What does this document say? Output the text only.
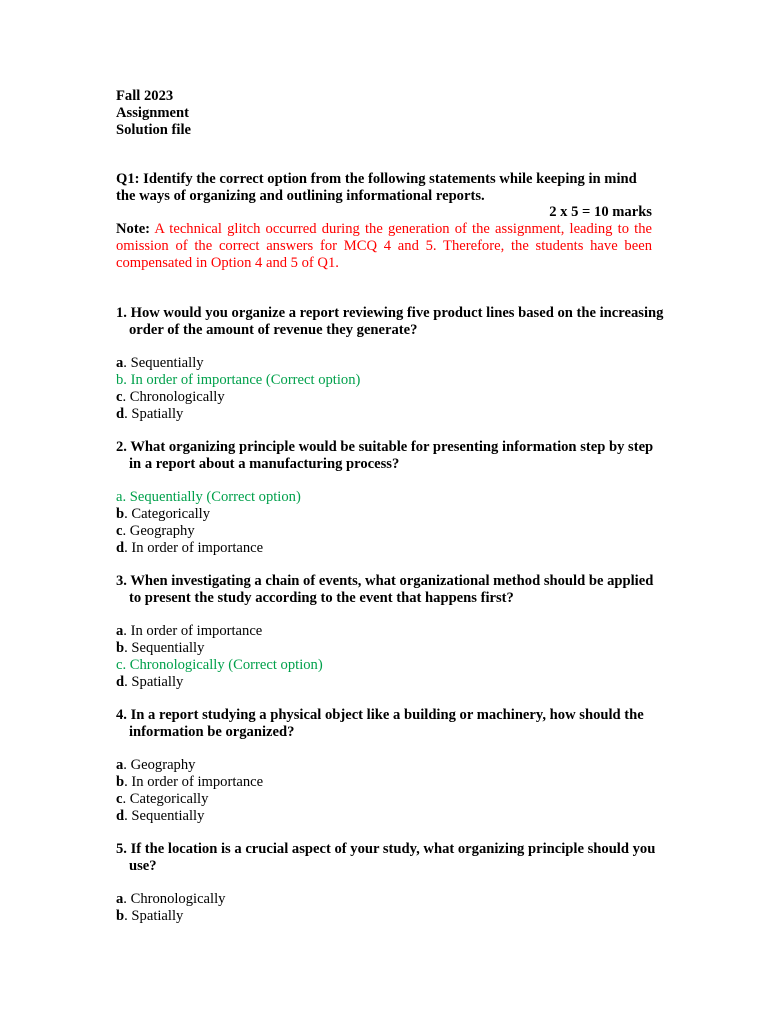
Fall 2023
Assignment
Solution file
Q1: Identify the correct option from the following statements while keeping in mind the ways of organizing and outlining informational reports.
2 x 5 = 10 marks
Note: A technical glitch occurred during the generation of the assignment, leading to the omission of the correct answers for MCQ 4 and 5. Therefore, the students have been compensated in Option 4 and 5 of Q1.
1. How would you organize a report reviewing five product lines based on the increasing order of the amount of revenue they generate?
a. Sequentially
b. In order of importance (Correct option)
c. Chronologically
d. Spatially
2. What organizing principle would be suitable for presenting information step by step in a report about a manufacturing process?
a. Sequentially (Correct option)
b. Categorically
c. Geography
d. In order of importance
3. When investigating a chain of events, what organizational method should be applied to present the study according to the event that happens first?
a. In order of importance
b. Sequentially
c. Chronologically (Correct option)
d. Spatially
4. In a report studying a physical object like a building or machinery, how should the information be organized?
a. Geography
b. In order of importance
c. Categorically
d. Sequentially
5. If the location is a crucial aspect of your study, what organizing principle should you use?
a. Chronologically
b. Spatially
